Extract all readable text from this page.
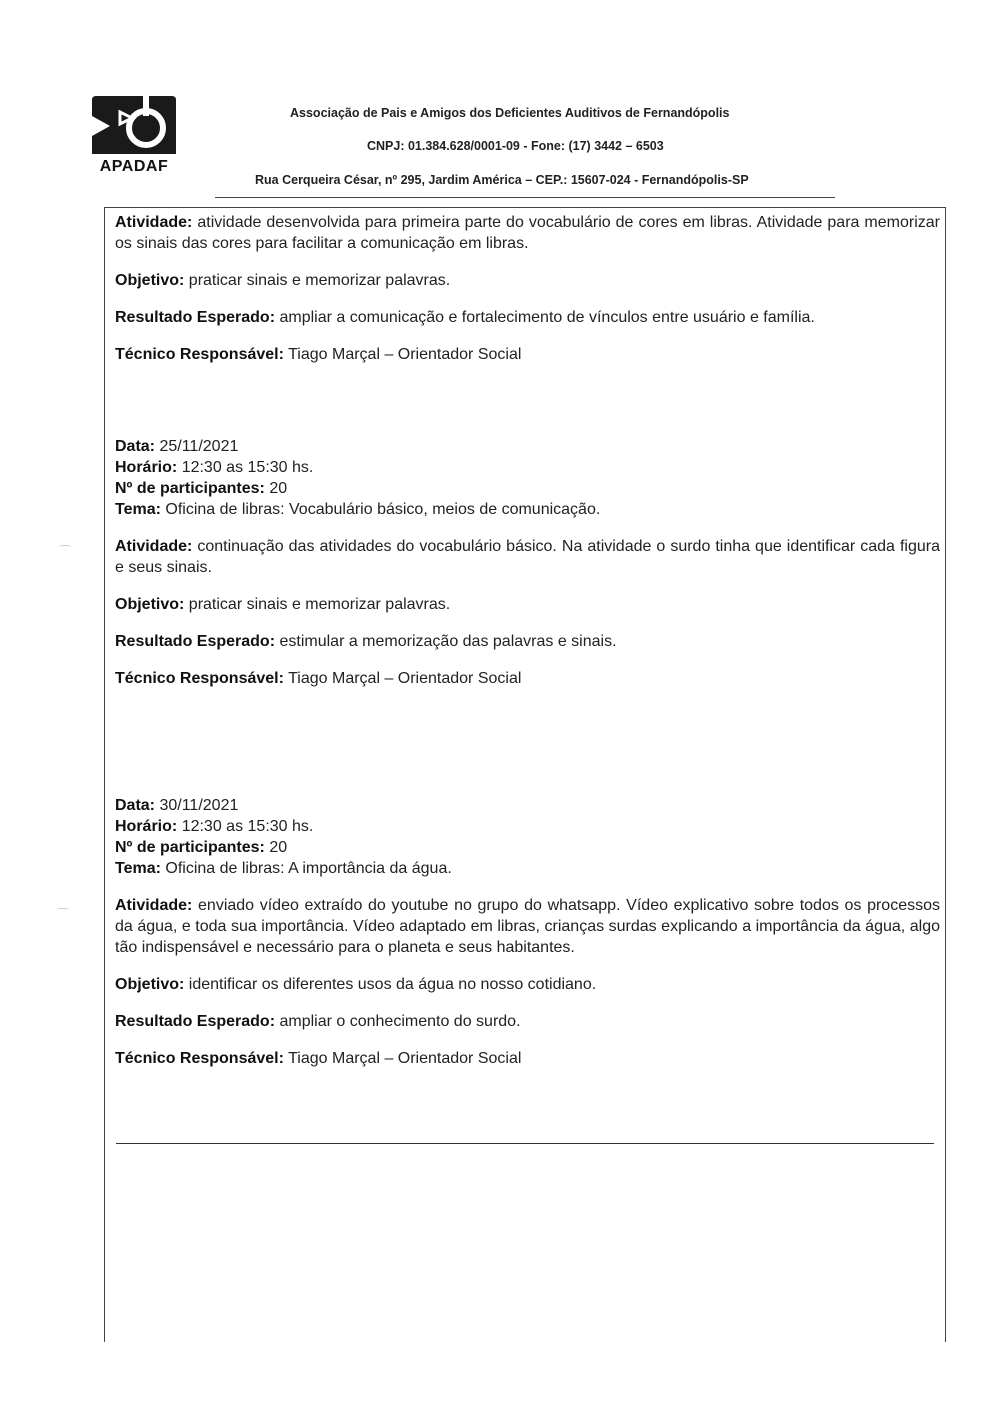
APADAF
Associação de Pais e Amigos dos Deficientes Auditivos de Fernandópolis
CNPJ: 01.384.628/0001-09 - Fone: (17) 3442 – 6503
Rua Cerqueira César, nº 295, Jardim América – CEP.: 15607-024 - Fernandópolis-SP

Atividade: atividade desenvolvida para primeira parte do vocabulário de cores em libras. Atividade para memorizar os sinais das cores para facilitar a comunicação em libras.

Objetivo: praticar sinais e memorizar palavras.

Resultado Esperado: ampliar a comunicação e fortalecimento de vínculos entre usuário e família.

Técnico Responsável: Tiago Marçal – Orientador Social

Data: 25/11/2021

Horário: 12:30 as 15:30 hs.

Nº de participantes: 20

Tema: Oficina de libras: Vocabulário básico, meios de comunicação.

Atividade: continuação das atividades do vocabulário básico. Na atividade o surdo tinha que identificar cada figura e seus sinais.

Objetivo: praticar sinais e memorizar palavras.

Resultado Esperado: estimular a memorização das palavras e sinais.

Técnico Responsável: Tiago Marçal – Orientador Social

Data: 30/11/2021

Horário: 12:30 as 15:30 hs.

Nº de participantes: 20

Tema: Oficina de libras: A importância da água.

Atividade: enviado vídeo extraído do youtube no grupo do whatsapp. Vídeo explicativo sobre todos os processos da água, e toda sua importância. Vídeo adaptado em libras, crianças surdas explicando a importância da água, algo tão indispensável e necessário para o planeta e seus habitantes.

Objetivo: identificar os diferentes usos da água no nosso cotidiano.

Resultado Esperado: ampliar o conhecimento do surdo.

Técnico Responsável: Tiago Marçal – Orientador Social
